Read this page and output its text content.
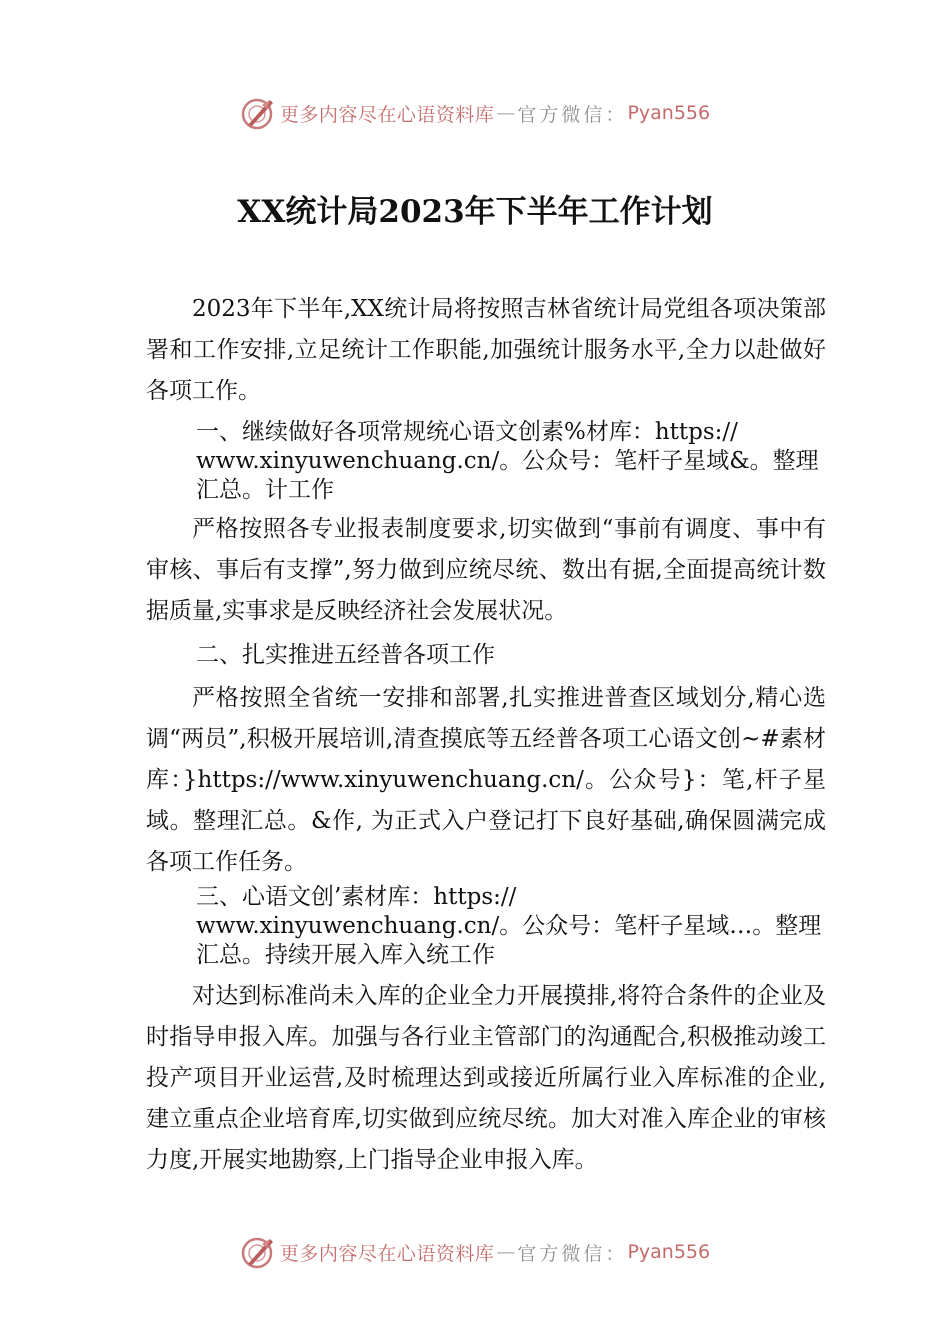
更多内容尽在心语资料库 — 官方微信： Pyan556
XX统计局2023年下半年工作计划

2023年下半年,XX统计局将按照吉林省统计局党组各项决策部署和工作安排,立足统计工作职能,加强统计服务水平,全力以赴做好各项工作。

一、继续做好各项常规统心语文创素%材库：https://
www.xinyuwenchuang.cn/。公众号：笔杆子星域&。整理
汇总。计工作

严格按照各专业报表制度要求,切实做到“事前有调度、事中有审核、事后有支撑”,努力做到应统尽统、数出有据,全面提高统计数据质量,实事求是反映经济社会发展状况。

二、扎实推进五经普各项工作

严格按照全省统一安排和部署,扎实推进普查区域划分,精心选调“两员”,积极开展培训,清查摸底等五经普各项工心语文创~#素材库：}https://www.xinyuwenchuang.cn/。公众号}：笔,杆子星域。整理汇总。&作, 为正式入户登记打下良好基础,确保圆满完成各项工作任务。

三、心语文创’素材库：https://
www.xinyuwenchuang.cn/。公众号：笔杆子星域…。整理
汇总。持续开展入库入统工作

对达到标准尚未入库的企业全力开展摸排,将符合条件的企业及时指导申报入库。加强与各行业主管部门的沟通配合,积极推动竣工投产项目开业运营,及时梳理达到或接近所属行业入库标准的企业,建立重点企业培育库,切实做到应统尽统。加大对准入库企业的审核力度,开展实地勘察,上门指导企业申报入库。

更多内容尽在心语资料库 — 官方微信： Pyan556
